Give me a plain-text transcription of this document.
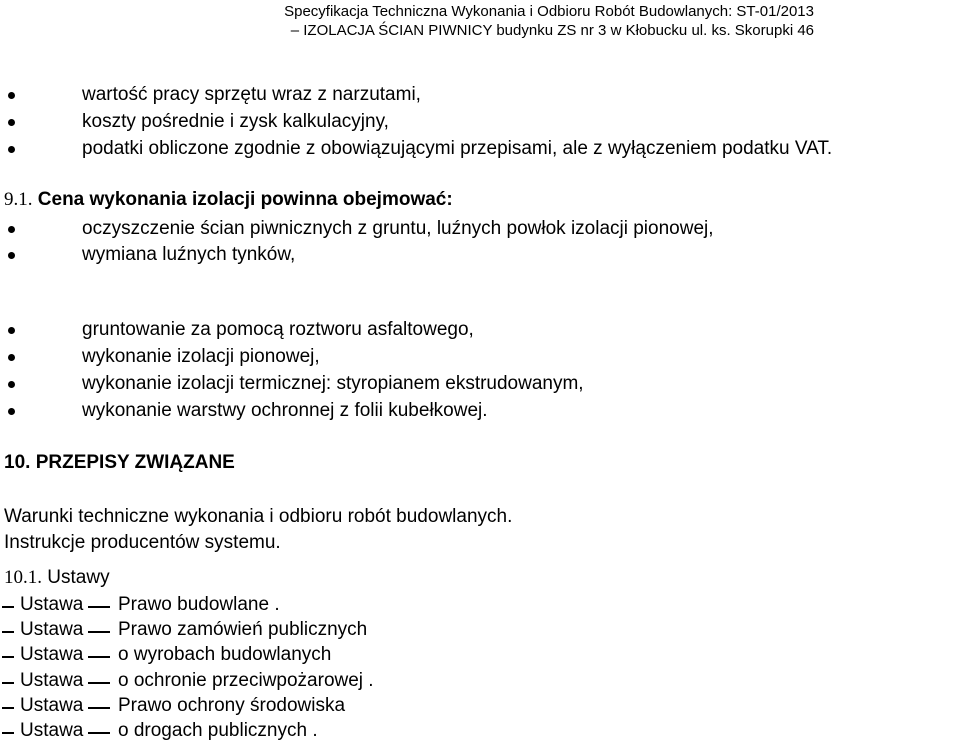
Specyfikacja Techniczna Wykonania i Odbioru Robót Budowlanych: ST-01/2013
– IZOLACJA ŚCIAN PIWNICY budynku ZS nr 3 w Kłobucku ul. ks. Skorupki 46
wartość pracy sprzętu wraz z narzutami,
koszty pośrednie i zysk kalkulacyjny,
podatki obliczone zgodnie z obowiązującymi przepisami, ale z wyłączeniem podatku VAT.
9.1. Cena wykonania izolacji powinna obejmować:
oczyszczenie ścian piwnicznych z gruntu, luźnych powłok izolacji pionowej,
wymiana luźnych tynków,
gruntowanie za pomocą roztworu asfaltowego,
wykonanie izolacji pionowej,
wykonanie izolacji termicznej: styropianem ekstrudowanym,
wykonanie warstwy ochronnej z folii kubełkowej.
10. PRZEPISY ZWIĄZANE
Warunki techniczne wykonania i odbioru robót budowlanych.
Instrukcje producentów systemu.
10.1. Ustawy
Ustawa Prawo budowlane .
Ustawa Prawo zamówień publicznych
Ustawa o wyrobach budowlanych
Ustawa o ochronie przeciwpożarowej .
Ustawa Prawo ochrony środowiska
Ustawa o drogach publicznych .
